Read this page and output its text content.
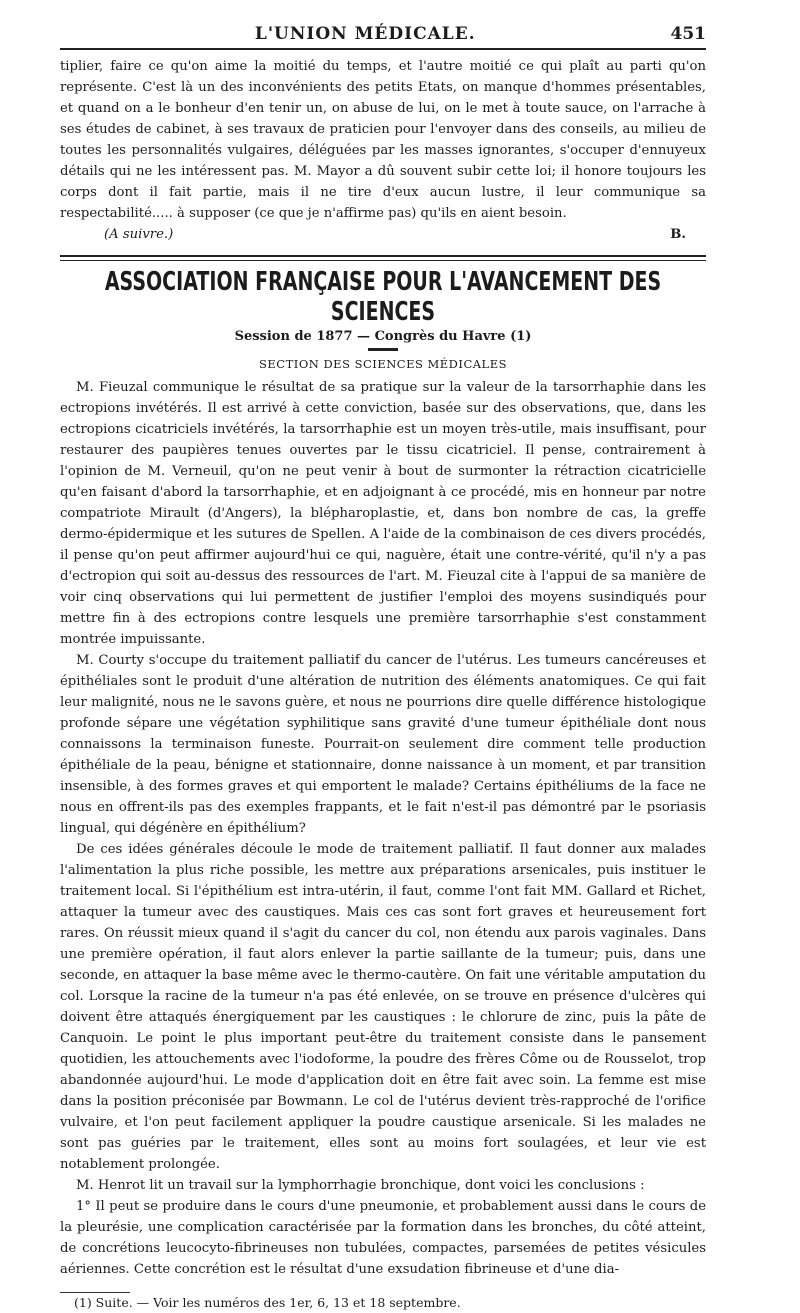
L'UNION MÉDICALE.	451

tiplier, faire ce qu'on aime la moitié du temps, et l'autre moitié ce qui plaît au parti qu'on représente. C'est là un des inconvénients des petits Etats, on manque d'hommes présentables, et quand on a le bonheur d'en tenir un, on abuse de lui, on le met à toute sauce, on l'arrache à ses études de cabinet, à ses travaux de praticien pour l'envoyer dans des conseils, au milieu de toutes les personnalités vulgaires, déléguées par les masses ignorantes, s'occuper d'ennuyeux détails qui ne les intéressent pas. M. Mayor a dû souvent subir cette loi; il honore toujours les corps dont il fait partie, mais il ne tire d'eux aucun lustre, il leur communique sa respectabilité..... à supposer (ce que je n'affirme pas) qu'ils en aient besoin.

(A suivre.)	B.
ASSOCIATION FRANÇAISE POUR L'AVANCEMENT DES SCIENCES
Session de 1877 — Congrès du Havre (1)
SECTION DES SCIENCES MÉDICALES

M. Fieuzal communique le résultat de sa pratique sur la valeur de la tarsorrhaphie dans les ectropions invétérés. Il est arrivé à cette conviction, basée sur des observations, que, dans les ectropions cicatriciels invétérés, la tarsorrhaphie est un moyen très-utile, mais insuffisant, pour restaurer des paupières tenues ouvertes par le tissu cicatriciel. Il pense, contrairement à l'opinion de M. Verneuil, qu'on ne peut venir à bout de surmonter la rétraction cicatricielle qu'en faisant d'abord la tarsorrhaphie, et en adjoignant à ce procédé, mis en honneur par notre compatriote Mirault (d'Angers), la blépharoplastie, et, dans bon nombre de cas, la greffe dermo-épidermique et les sutures de Spellen. A l'aide de la combinaison de ces divers procédés, il pense qu'on peut affirmer aujourd'hui ce qui, naguère, était une contre-vérité, qu'il n'y a pas d'ectropion qui soit au-dessus des ressources de l'art. M. Fieuzal cite à l'appui de sa manière de voir cinq observations qui lui permettent de justifier l'emploi des moyens susindiqués pour mettre fin à des ectropions contre lesquels une première tarsorrhaphie s'est constamment montrée impuissante.

M. Courty s'occupe du traitement palliatif du cancer de l'utérus. Les tumeurs cancéreuses et épithéliales sont le produit d'une altération de nutrition des éléments anatomiques. Ce qui fait leur malignité, nous ne le savons guère, et nous ne pourrions dire quelle différence histologique profonde sépare une végétation syphilitique sans gravité d'une tumeur épithéliale dont nous connaissons la terminaison funeste. Pourrait-on seulement dire comment telle production épithéliale de la peau, bénigne et stationnaire, donne naissance à un moment, et par transition insensible, à des formes graves et qui emportent le malade? Certains épithéliums de la face ne nous en offrent-ils pas des exemples frappants, et le fait n'est-il pas démontré par le psoriasis lingual, qui dégénère en épithélium?

De ces idées générales découle le mode de traitement palliatif. Il faut donner aux malades l'alimentation la plus riche possible, les mettre aux préparations arsenicales, puis instituer le traitement local. Si l'épithélium est intra-utérin, il faut, comme l'ont fait MM. Gallard et Richet, attaquer la tumeur avec des caustiques. Mais ces cas sont fort graves et heureusement fort rares. On réussit mieux quand il s'agit du cancer du col, non étendu aux parois vaginales. Dans une première opération, il faut alors enlever la partie saillante de la tumeur; puis, dans une seconde, en attaquer la base même avec le thermo-cautère. On fait une véritable amputation du col. Lorsque la racine de la tumeur n'a pas été enlevée, on se trouve en présence d'ulcères qui doivent être attaqués énergiquement par les caustiques : le chlorure de zinc, puis la pâte de Canquoin. Le point le plus important peut-être du traitement consiste dans le pansement quotidien, les attouchements avec l'iodoforme, la poudre des frères Côme ou de Rousselot, trop abandonnée aujourd'hui. Le mode d'application doit en être fait avec soin. La femme est mise dans la position préconisée par Bowmann. Le col de l'utérus devient très-rapproché de l'orifice vulvaire, et l'on peut facilement appliquer la poudre caustique arsenicale. Si les malades ne sont pas guéries par le traitement, elles sont au moins fort soulagées, et leur vie est notablement prolongée.

M. Henrot lit un travail sur la lymphorrhagie bronchique, dont voici les conclusions :

1° Il peut se produire dans le cours d'une pneumonie, et probablement aussi dans le cours de la pleurésie, une complication caractérisée par la formation dans les bronches, du côté atteint, de concrétions leucocyto-fibrineuses non tubulées, compactes, parsemées de petites vésicules aériennes. Cette concrétion est le résultat d'une exsudation fibrineuse et d'une dia-

(1) Suite. — Voir les numéros des 1er, 6, 13 et 18 septembre.
